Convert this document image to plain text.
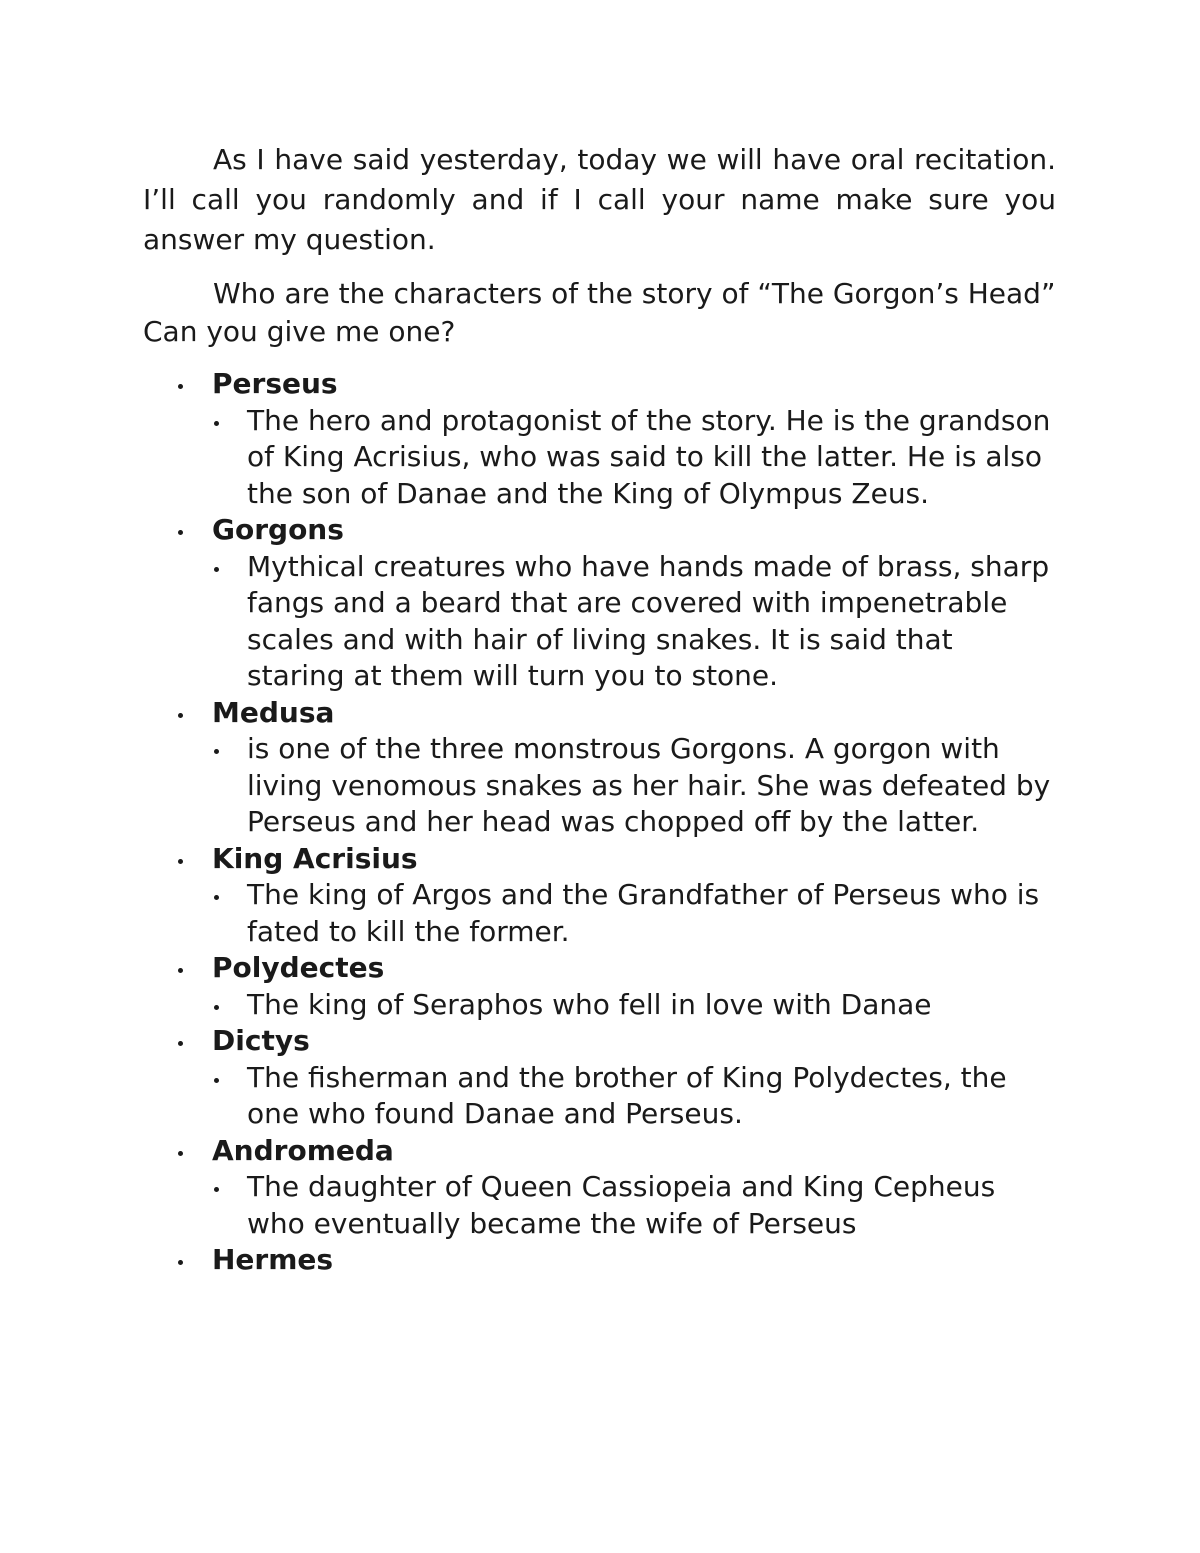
As I have said yesterday, today we will have oral recitation. I’ll call you randomly and if I call your name make sure you answer my question.

Who are the characters of the story of “The Gorgon’s Head” Can you give me one?

Perseus
The hero and protagonist of the story. He is the grandson of King Acrisius, who was said to kill the latter. He is also the son of Danae and the King of Olympus Zeus.
Gorgons
Mythical creatures who have hands made of brass, sharp fangs and a beard that are covered with impenetrable scales and with hair of living snakes. It is said that staring at them will turn you to stone.
Medusa
is one of the three monstrous Gorgons. A gorgon with living venomous snakes as her hair. She was defeated by Perseus and her head was chopped off by the latter.
King Acrisius
The king of Argos and the Grandfather of Perseus who is fated to kill the former.
Polydectes
The king of Seraphos who fell in love with Danae
Dictys
The fisherman and the brother of King Polydectes, the one who found Danae and Perseus.
Andromeda
The daughter of Queen Cassiopeia and King Cepheus who eventually became the wife of Perseus
Hermes
